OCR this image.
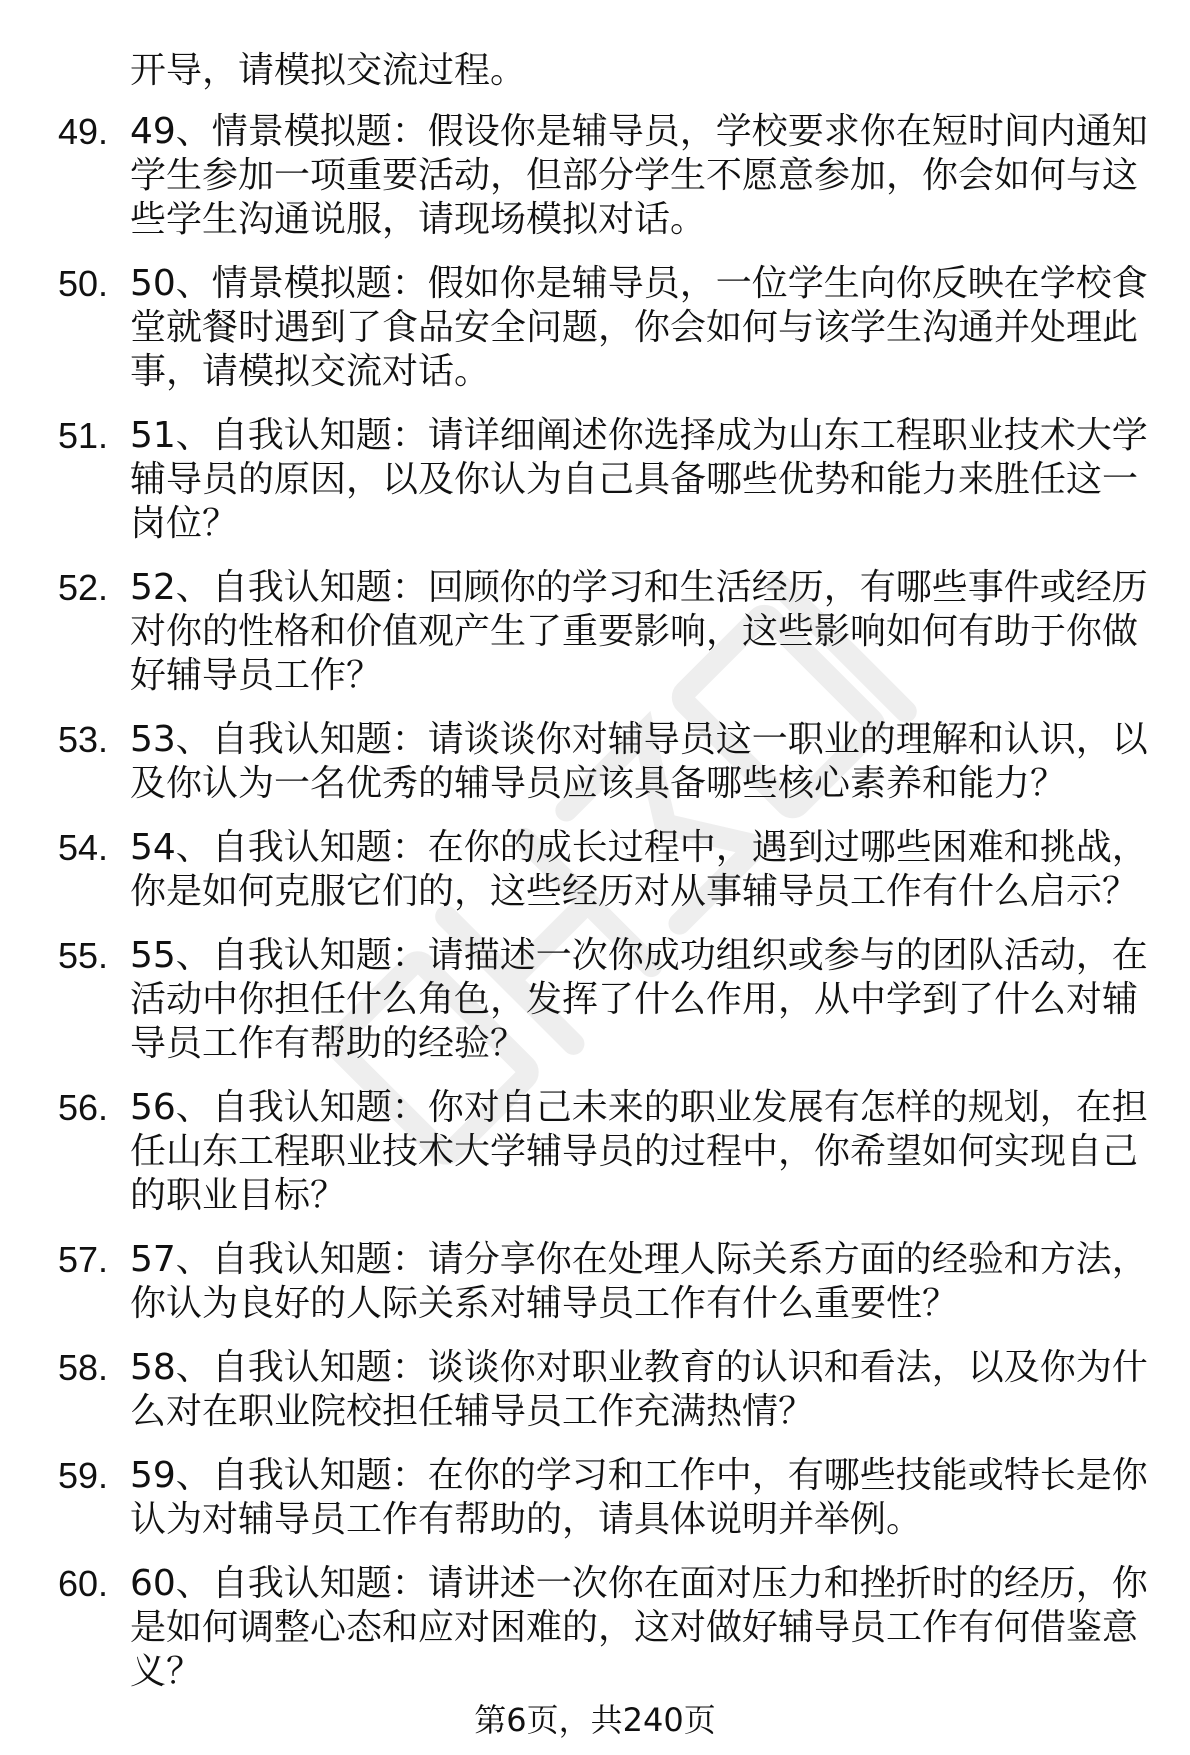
开导，请模拟交流过程。

49. 49、情景模拟题：假设你是辅导员，学校要求你在短时间内通知学生参加一项重要活动，但部分学生不愿意参加，你会如何与这些学生沟通说服，请现场模拟对话。
50. 50、情景模拟题：假如你是辅导员，一位学生向你反映在学校食堂就餐时遇到了食品安全问题，你会如何与该学生沟通并处理此事，请模拟交流对话。
51. 51、自我认知题：请详细阐述你选择成为山东工程职业技术大学辅导员的原因，以及你认为自己具备哪些优势和能力来胜任这一岗位？
52. 52、自我认知题：回顾你的学习和生活经历，有哪些事件或经历对你的性格和价值观产生了重要影响，这些影响如何有助于你做好辅导员工作？
53. 53、自我认知题：请谈谈你对辅导员这一职业的理解和认识，以及你认为一名优秀的辅导员应该具备哪些核心素养和能力？
54. 54、自我认知题：在你的成长过程中，遇到过哪些困难和挑战，你是如何克服它们的，这些经历对从事辅导员工作有什么启示？
55. 55、自我认知题：请描述一次你成功组织或参与的团队活动，在活动中你担任什么角色，发挥了什么作用，从中学到了什么对辅导员工作有帮助的经验？
56. 56、自我认知题：你对自己未来的职业发展有怎样的规划，在担任山东工程职业技术大学辅导员的过程中，你希望如何实现自己的职业目标？
57. 57、自我认知题：请分享你在处理人际关系方面的经验和方法，你认为良好的人际关系对辅导员工作有什么重要性？
58. 58、自我认知题：谈谈你对职业教育的认识和看法，以及你为什么对在职业院校担任辅导员工作充满热情？
59. 59、自我认知题：在你的学习和工作中，有哪些技能或特长是你认为对辅导员工作有帮助的，请具体说明并举例。
60. 60、自我认知题：请讲述一次你在面对压力和挫折时的经历，你是如何调整心态和应对困难的，这对做好辅导员工作有何借鉴意义？
第6页，共240页
